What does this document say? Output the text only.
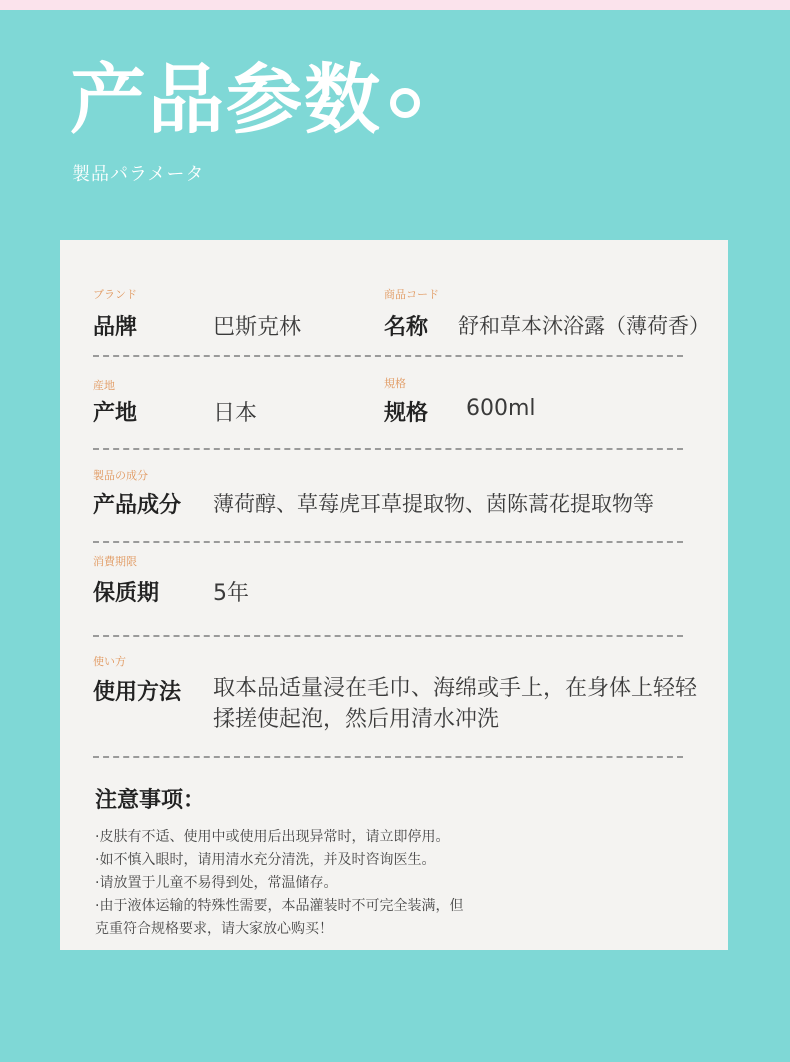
产品参数
製品パラメータ
ブランド
品牌	巴斯克林
商品コード
名称 舒和草本沐浴露（薄荷香）
産地
产地	日本
規格
规格 600ml
製品の成分
产品成分 薄荷醇、草莓虎耳草提取物、茵陈蒿花提取物等
消費期限
保质期 5年
使い方
使用方法 取本品适量浸在毛巾、海绵或手上，在身体上轻轻揉搓使起泡，然后用清水冲洗
注意事项：
·皮肤有不适、使用中或使用后出现异常时，请立即停用。
·如不慎入眼时，请用清水充分清洗，并及时咨询医生。
·请放置于儿童不易得到处，常温储存。
·由于液体运输的特殊性需要，本品灌装时不可完全装满，但
克重符合规格要求，请大家放心购买！
